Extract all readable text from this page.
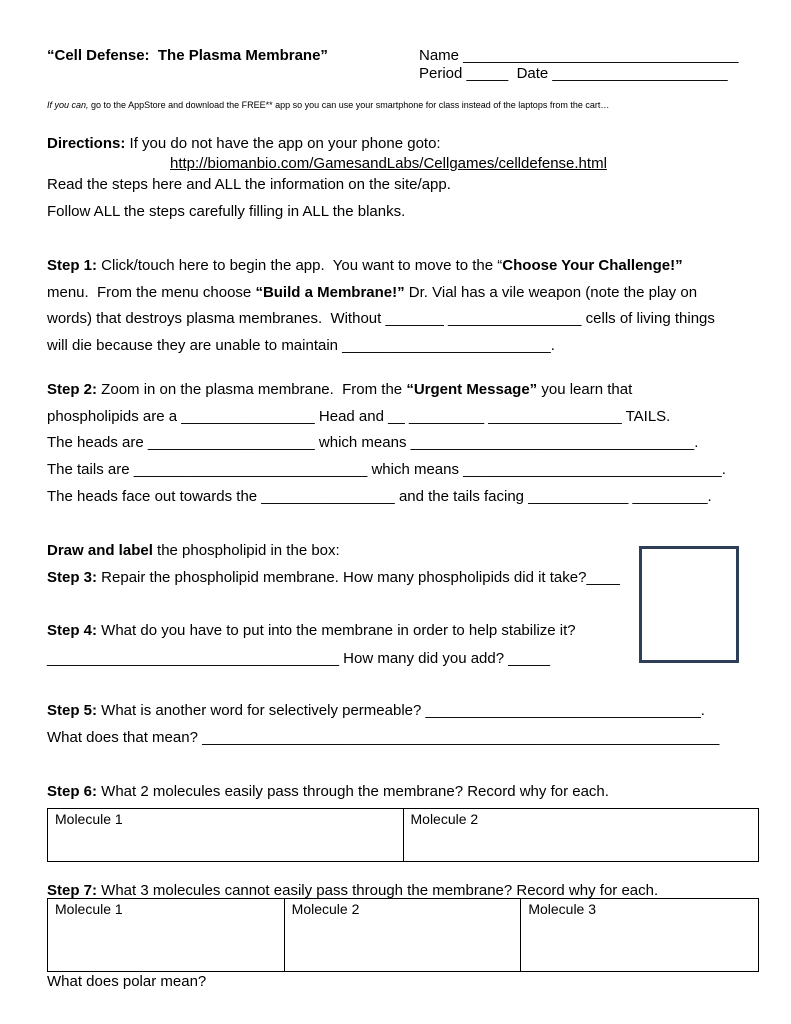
“Cell Defense:  The Plasma Membrane”	Name _________________________________
Period _____  Date _____________________
If you can, go to the AppStore and download the FREE** app so you can use your smartphone for class instead of the laptops from the cart…
Directions: If you do not have the app on your phone goto:
http://biomanbio.com/GamesandLabs/Cellgames/celldefense.html
Read the steps here and ALL the information on the site/app.
Follow ALL the steps carefully filling in ALL the blanks.
Step 1: Click/touch here to begin the app.  You want to move to the “Choose Your Challenge!”
menu.  From the menu choose “Build a Membrane!” Dr. Vial has a vile weapon (note the play on
words) that destroys plasma membranes.  Without _______ ________________ cells of living things
will die because they are unable to maintain _________________________.
Step 2: Zoom in on the plasma membrane.  From the “Urgent Message” you learn that
phospholipids are a ________________ Head and __ _________ ________________ TAILS.
The heads are ____________________ which means __________________________________.
The tails are ____________________________ which means _______________________________.
The heads face out towards the ________________ and the tails facing ____________ _________.
Draw and label the phospholipid in the box:
Step 3: Repair the phospholipid membrane. How many phospholipids did it take?____
Step 4: What do you have to put into the membrane in order to help stabilize it?
___________________________________ How many did you add? _____
Step 5: What is another word for selectively permeable? _________________________________.
What does that mean? ______________________________________________________________
Step 6: What 2 molecules easily pass through the membrane? Record why for each.
Molecule 1	Molecule 2
Step 7: What 3 molecules cannot easily pass through the membrane? Record why for each.
Molecule 1	Molecule 2	Molecule 3
What does polar mean?
